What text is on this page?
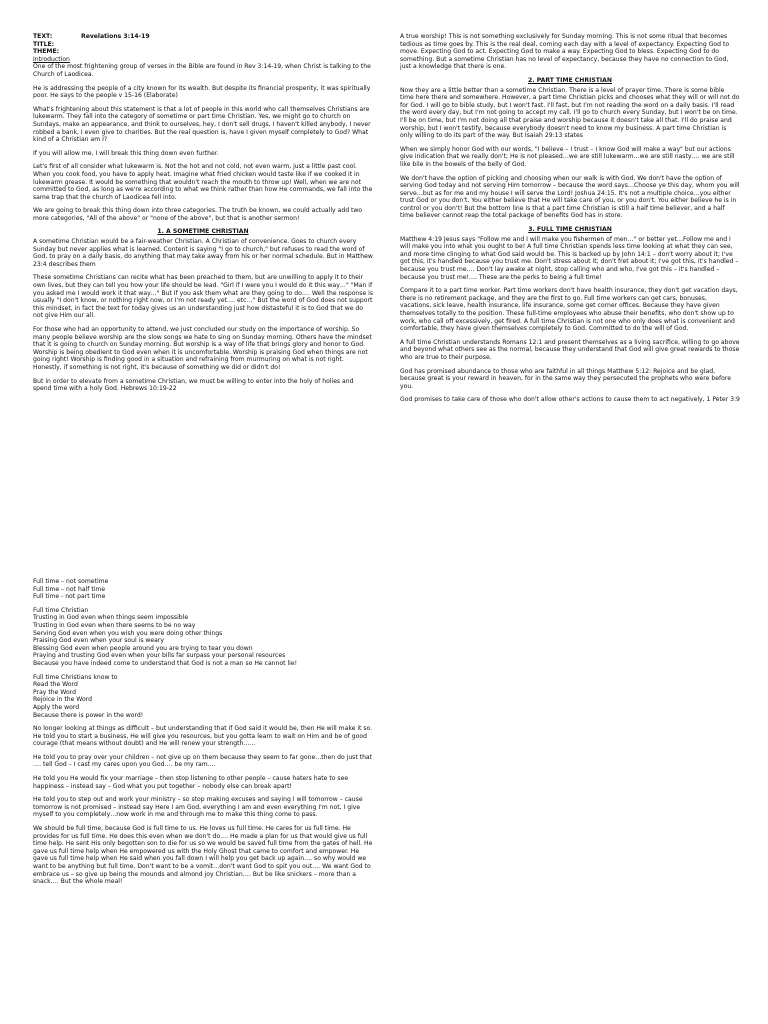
TEXT:	Revelations 3:14-19
TITLE:
THEME:
Introduction

One of the most frightening group of verses in the Bible are found in Rev 3:14-19, when Christ is talking to the Church of Laodicea.

He is addressing the people of a city known for its wealth. But despite its financial prosperity, it was spiritually poor. He says to the people v 15-16 (Elaborate)

What's frightening about this statement is that a lot of people in this world who call themselves Christians are lukewarm. They fall into the category of sometime or part time Christian. Yes, we might go to church on Sundays, make an appearance, and think to ourselves, hey, I don't sell drugs, I haven't killed anybody, I never robbed a bank, I even give to charities. But the real question is, have I given myself completely to God? What kind of a Christian am I?

If you will allow me, I will break this thing down even further.

Let's first of all consider what lukewarm is. Not the hot and not cold, not even warm, just a little past cool. When you cook food, you have to apply heat. Imagine what fried chicken would taste like if we cooked it in lukewarm grease. It would be something that wouldn't reach the mouth to throw up! Well, when we are not committed to God, as long as we're according to what we think rather than how He commands, we fall into the same trap that the church of Laodicea fell into.

We are going to break this thing down into three categories. The truth be known, we could actually add two more categories, "All of the above" or "none of the above", but that is another sermon!

1. A SOMETIME CHRISTIAN

A sometime Christian would be a fair-weather Christian. A Christian of convenience. Goes to church every Sunday but never applies what is learned. Content is saying "I go to church," but refuses to read the word of God, to pray on a daily basis, do anything that may take away from his or her normal schedule. But in Matthew 23:4 describes them

These sometime Christians can recite what has been preached to them, but are unwilling to apply it to their own lives, but they can tell you how your life should be lead. "Girl if I were you I would do it this way…" "Man if you asked me I would work it that way…" But if you ask them what are they going to do…. Well the response is usually "I don't know, or nothing right now, or I'm not ready yet…. etc…" But the word of God does not support this mindset, in fact the text for today gives us an understanding just how distasteful it is to God that we do not give Him our all.

For those who had an opportunity to attend, we just concluded our study on the importance of worship. So many people believe worship are the slow songs we hate to sing on Sunday morning. Others have the mindset that it is going to church on Sunday morning. But worship is a way of life that brings glory and honor to God. Worship is being obedient to God even when it is uncomfortable. Worship is praising God when things are not going right! Worship is finding good in a situation and refraining from murmuring on what is not right. Honestly, if something is not right, it's because of something we did or didn't do!

But in order to elevate from a sometime Christian, we must be willing to enter into the holy of holies and spend time with a holy God. Hebrews 10:19-22

A true worship! This is not something exclusively for Sunday morning. This is not some ritual that becomes tedious as time goes by. This is the real deal, coming each day with a level of expectancy. Expecting God to move. Expecting God to act. Expecting God to make a way. Expecting God to bless. Expecting God to do something. But a sometime Christian has no level of expectancy, because they have no connection to God, just a knowledge that there is one.

2. PART TIME CHRISTIAN

Now they are a little better than a sometime Christian. There is a level of prayer time. There is some bible time here there and somewhere. However, a part time Christian picks and chooses what they will or will not do for God. I will go to bible study, but I won't fast. I'll fast, but I'm not reading the word on a daily basis. I'll read the word every day, but I'm not going to accept my call. I'll go to church every Sunday, but I won't be on time. I'll be on time, but I'm not doing all that praise and worship because it doesn't take all that. I'll do praise and worship, but I won't testify, because everybody doesn't need to know my business. A part time Christian is only willing to do its part of the way. But Isaiah 29:13 states

When we simply honor God with our words, "I believe – I trust – I know God will make a way" but our actions give indication that we really don't; He is not pleased…we are still lukewarm…we are still nasty…. we are still like bile in the bowels of the belly of God.

We don't have the option of picking and choosing when our walk is with God. We don't have the option of serving God today and not serving Him tomorrow – because the word says…Choose ye this day, whom you will serve…but as for me and my house I will serve the Lord! Joshua 24:15. It's not a multiple choice…you either trust God or you don't. You either believe that He will take care of you, or you don't. You either believe he is in control or you don't! But the bottom line is that a part time Christian is still a half time believer, and a half time believer cannot reap the total package of benefits God has in store.

3. FULL TIME CHRISTIAN

Matthew 4:19 Jesus says "Follow me and I will make you fishermen of men…" or better yet…Follow me and I will make you into what you ought to be! A full time Christian spends less time looking at what they can see, and more time clinging to what God said would be. This is backed up by John 14:1 – don't worry about it; I've got this, it's handled because you trust me. Don't stress about it; don't fret about it; I've got this, it's handled – because you trust me…. Don't lay awake at night, stop calling who and who, I've got this – it's handled – because you trust me!…. These are the perks to being a full time!

Compare it to a part time worker. Part time workers don't have health insurance, they don't get vacation days, there is no retirement package, and they are the first to go. Full time workers can get cars, bonuses, vacations, sick leave, health insurance, life insurance, some get corner offices. Because they have given themselves totally to the position. These full-time employees who abuse their benefits, who don't show up to work, who call off excessively, get fired. A full time Christian is not one who only does what is convenient and comfortable, they have given themselves completely to God. Committed to do the will of God.

A full time Christian understands Romans 12:1 and present themselves as a living sacrifice, willing to go above and beyond what others see as the normal, because they understand that God will give great rewards to those who are true to their purpose.

God has promised abundance to those who are faithful in all things Matthew 5:12: Rejoice and be glad, because great is your reward in heaven, for in the same way they persecuted the prophets who were before you.

God promises to take care of those who don't allow other's actions to cause them to act negatively, 1 Peter 3:9

Full time – not sometime
Full time – not half time
Full time - not part time
Full time Christian
Trusting in God even when things seem impossible
Trusting in God even when there seems to be no way
Serving God even when you wish you were doing other things
Praising God even when your soul is weary
Blessing God even when people around you are trying to tear you down
Praying and trusting God even when your bills far surpass your personal resources
Because you have indeed come to understand that God is not a man so He cannot lie!
Full time Christians know to
Read the Word
Pray the Word
Rejoice in the Word
Apply the word
Because there is power in the word!

No longer looking at things as difficult – but understanding that if God said it would be, then He will make it so. He told you to start a business, He will give you resources, but you gotta learn to wait on Him and be of good courage (that means without doubt) and He will renew your strength……

He told you to pray over your children – not give up on them because they seem to far gone…then do just that …. tell God – I cast my cares upon you God…. be my ram….

He told you He would fix your marriage – then stop listening to other people – cause haters hate to see happiness – instead say – God what you put together – nobody else can break apart!

He told you to step out and work your ministry – so stop making excuses and saying I will tomorrow – cause tomorrow is not promised – instead say Here I am God, everything I am and even everything I'm not, I give myself to you completely…now work in me and through me to make this thing come to pass.

We should be full time, because God is full time to us. He loves us full time. He cares for us full time. He provides for us full time. He does this even when we don't do…. He made a plan for us that would give us full time help. He sent His only begotten son to die for us so we would be saved full time from the gates of hell. He gave us full time help when He empowered us with the Holy Ghost that came to comfort and empower. He gave us full time help when He said when you fall down I will help you get back up again…. so why would we want to be anything but full time. Don't want to be a vomit…don't want God to spit you out…. We want God to embrace us – so give up being the mounds and almond joy Christian…. But be like snickers – more than a snack…. But the whole meal!
